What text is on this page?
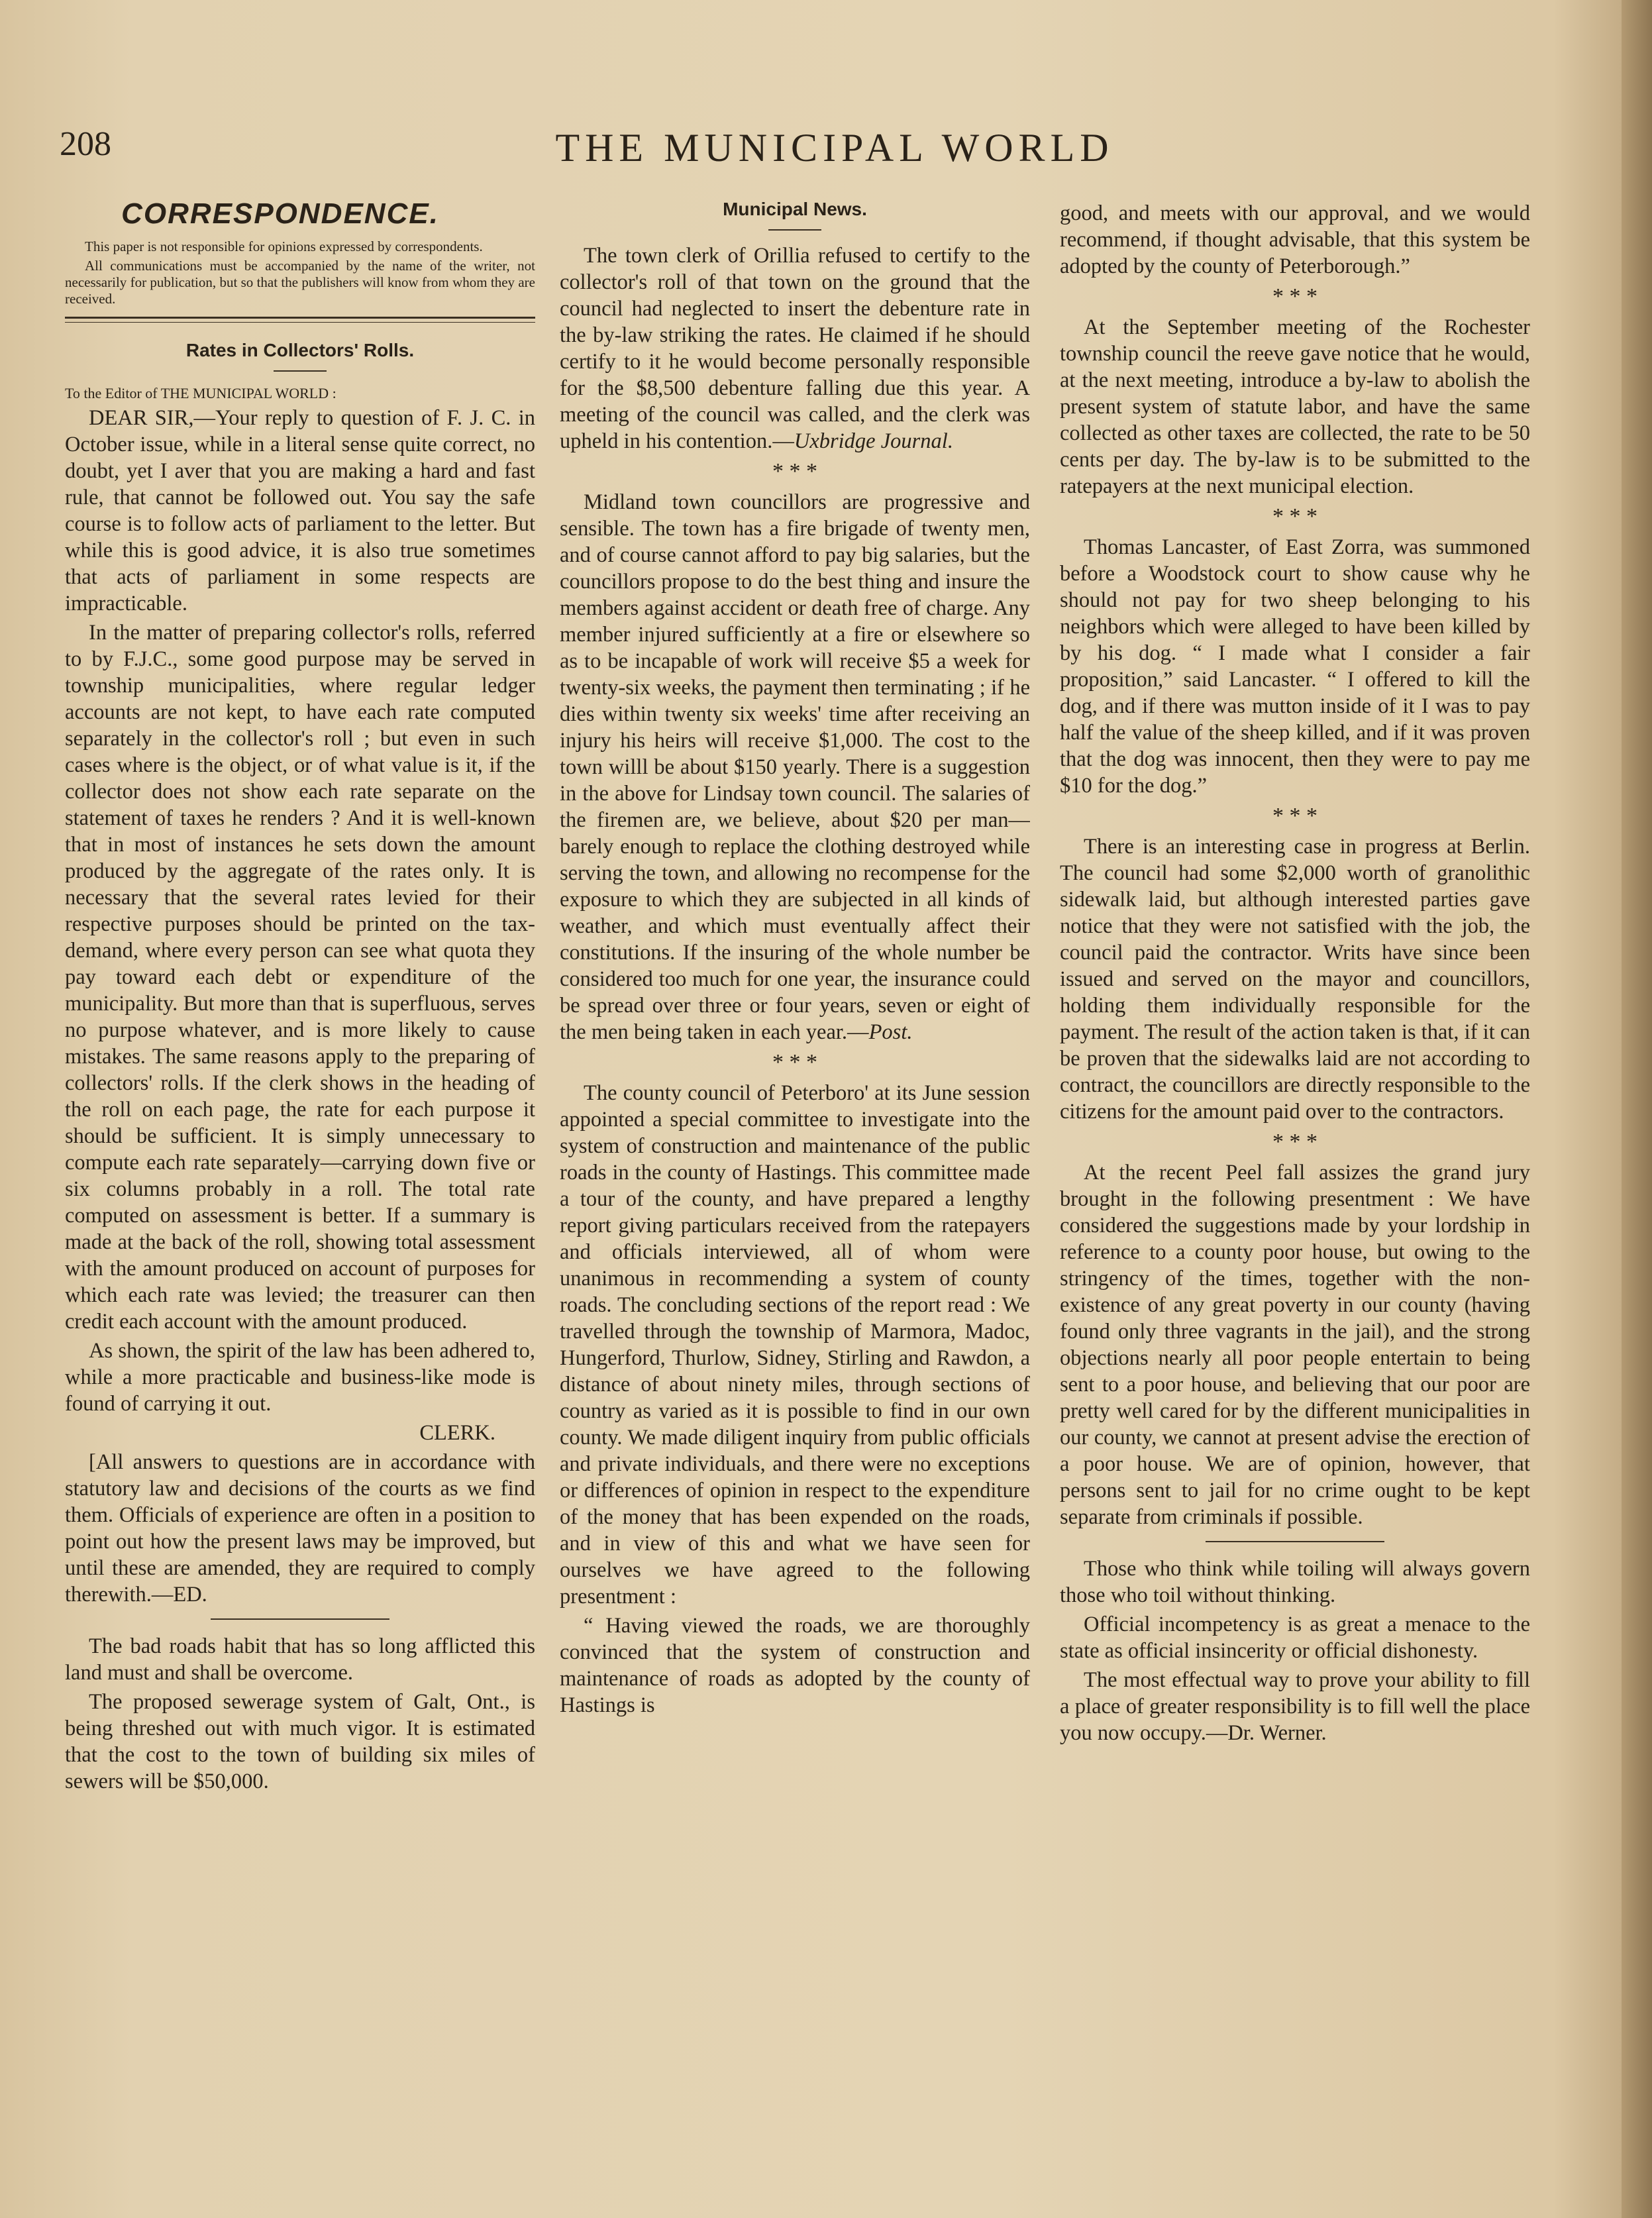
208	THE MUNICIPAL WORLD
CORRESPONDENCE.

This paper is not responsible for opinions expressed by correspondents.

All communications must be accompanied by the name of the writer, not necessarily for publication, but so that the publishers will know from whom they are received.

Rates in Collectors' Rolls.

To the Editor of THE MUNICIPAL WORLD :

DEAR SIR,—Your reply to question of F. J. C. in October issue, while in a literal sense quite correct, no doubt, yet I aver that you are making a hard and fast rule, that cannot be followed out. You say the safe course is to follow acts of parliament to the letter. But while this is good advice, it is also true sometimes that acts of parliament in some respects are impracticable.

In the matter of preparing collector's rolls, referred to by F.J.C., some good purpose may be served in township municipalities, where regular ledger accounts are not kept, to have each rate computed separately in the collector's roll ; but even in such cases where is the object, or of what value is it, if the collector does not show each rate separate on the statement of taxes he renders ? And it is well-known that in most of instances he sets down the amount produced by the aggregate of the rates only. It is necessary that the several rates levied for their respective purposes should be printed on the tax-demand, where every person can see what quota they pay toward each debt or expenditure of the municipality. But more than that is superfluous, serves no purpose whatever, and is more likely to cause mistakes. The same reasons apply to the preparing of collectors' rolls. If the clerk shows in the heading of the roll on each page, the rate for each purpose it should be sufficient. It is simply unnecessary to compute each rate separately—carrying down five or six columns probably in a roll. The total rate computed on assessment is better. If a summary is made at the back of the roll, showing total assessment with the amount produced on account of purposes for which each rate was levied; the treasurer can then credit each account with the amount produced.

As shown, the spirit of the law has been adhered to, while a more practicable and business-like mode is found of carrying it out.

CLERK.

[All answers to questions are in accordance with statutory law and decisions of the courts as we find them. Officials of experience are often in a position to point out how the present laws may be improved, but until these are amended, they are required to comply therewith.—ED.

The bad roads habit that has so long afflicted this land must and shall be overcome.

The proposed sewerage system of Galt, Ont., is being threshed out with much vigor. It is estimated that the cost to the town of building six miles of sewers will be $50,000.

Municipal News.

The town clerk of Orillia refused to certify to the collector's roll of that town on the ground that the council had neglected to insert the debenture rate in the by-law striking the rates. He claimed if he should certify to it he would become personally responsible for the $8,500 debenture falling due this year. A meeting of the council was called, and the clerk was upheld in his contention.—Uxbridge Journal.

* * *

Midland town councillors are progressive and sensible. The town has a fire brigade of twenty men, and of course cannot afford to pay big salaries, but the councillors propose to do the best thing and insure the members against accident or death free of charge. Any member injured sufficiently at a fire or elsewhere so as to be incapable of work will receive $5 a week for twenty-six weeks, the payment then terminating ; if he dies within twenty six weeks' time after receiving an injury his heirs will receive $1,000. The cost to the town willl be about $150 yearly. There is a suggestion in the above for Lindsay town council. The salaries of the firemen are, we believe, about $20 per man—barely enough to replace the clothing destroyed while serving the town, and allowing no recompense for the exposure to which they are subjected in all kinds of weather, and which must eventually affect their constitutions. If the insuring of the whole number be considered too much for one year, the insurance could be spread over three or four years, seven or eight of the men being taken in each year.—Post.

* * *

The county council of Peterboro' at its June session appointed a special committee to investigate into the system of construction and maintenance of the public roads in the county of Hastings. This committee made a tour of the county, and have prepared a lengthy report giving particulars received from the ratepayers and officials interviewed, all of whom were unanimous in recommending a system of county roads. The concluding sections of the report read : We travelled through the township of Marmora, Madoc, Hungerford, Thurlow, Sidney, Stirling and Rawdon, a distance of about ninety miles, through sections of country as varied as it is possible to find in our own county. We made diligent inquiry from public officials and private individuals, and there were no exceptions or differences of opinion in respect to the expenditure of the money that has been expended on the roads, and in view of this and what we have seen for ourselves we have agreed to the following presentment :

“ Having viewed the roads, we are thoroughly convinced that the system of construction and maintenance of roads as adopted by the county of Hastings is

good, and meets with our approval, and we would recommend, if thought advisable, that this system be adopted by the county of Peterborough.”

* * *

At the September meeting of the Rochester township council the reeve gave notice that he would, at the next meeting, introduce a by-law to abolish the present system of statute labor, and have the same collected as other taxes are collected, the rate to be 50 cents per day. The by-law is to be submitted to the ratepayers at the next municipal election.

* * *

Thomas Lancaster, of East Zorra, was summoned before a Woodstock court to show cause why he should not pay for two sheep belonging to his neighbors which were alleged to have been killed by by his dog. “ I made what I consider a fair proposition,” said Lancaster. “ I offered to kill the dog, and if there was mutton inside of it I was to pay half the value of the sheep killed, and if it was proven that the dog was innocent, then they were to pay me $10 for the dog.”

* * *

There is an interesting case in progress at Berlin. The council had some $2,000 worth of granolithic sidewalk laid, but although interested parties gave notice that they were not satisfied with the job, the council paid the contractor. Writs have since been issued and served on the mayor and councillors, holding them individually responsible for the payment. The result of the action taken is that, if it can be proven that the sidewalks laid are not according to contract, the councillors are directly responsible to the citizens for the amount paid over to the contractors.

* * *

At the recent Peel fall assizes the grand jury brought in the following presentment : We have considered the suggestions made by your lordship in reference to a county poor house, but owing to the stringency of the times, together with the non-existence of any great poverty in our county (having found only three vagrants in the jail), and the strong objections nearly all poor people entertain to being sent to a poor house, and believing that our poor are pretty well cared for by the different municipalities in our county, we cannot at present advise the erection of a poor house. We are of opinion, however, that persons sent to jail for no crime ought to be kept separate from criminals if possible.

Those who think while toiling will always govern those who toil without thinking.

Official incompetency is as great a menace to the state as official insincerity or official dishonesty.

The most effectual way to prove your ability to fill a place of greater responsibility is to fill well the place you now occupy.—Dr. Werner.
